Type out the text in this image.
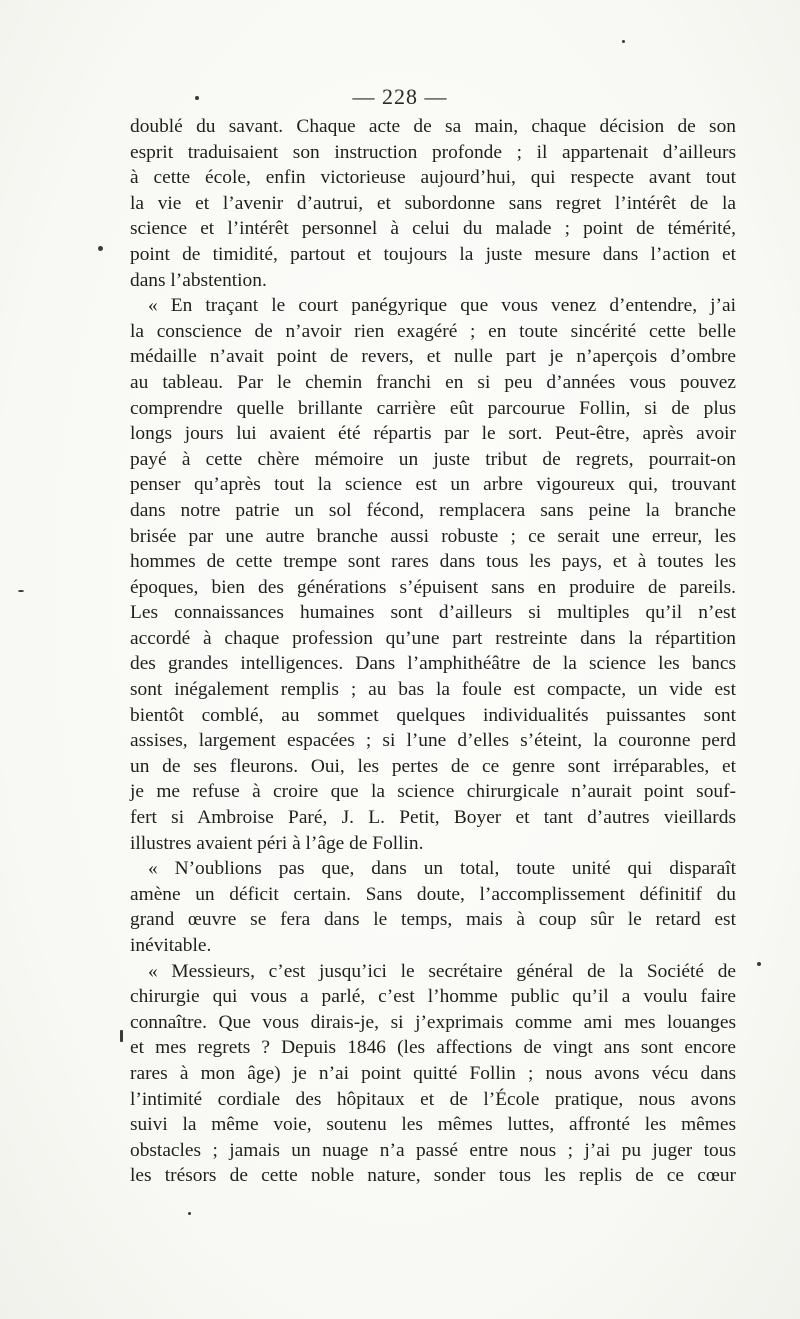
— 228 —
doublé du savant. Chaque acte de sa main, chaque décision de son
esprit traduisaient son instruction profonde ; il appartenait d’ailleurs
à cette école, enfin victorieuse aujourd’hui, qui respecte avant tout
la vie et l’avenir d’autrui, et subordonne sans regret l’intérêt de la
science et l’intérêt personnel à celui du malade ; point de témérité,
point de timidité, partout et toujours la juste mesure dans l’action et
dans l’abstention.
« En traçant le court panégyrique que vous venez d’entendre, j’ai
la conscience de n’avoir rien exagéré ; en toute sincérité cette belle
médaille n’avait point de revers, et nulle part je n’aperçois d’ombre
au tableau. Par le chemin franchi en si peu d’années vous pouvez
comprendre quelle brillante carrière eût parcourue Follin, si de plus
longs jours lui avaient été répartis par le sort. Peut-être, après avoir
payé à cette chère mémoire un juste tribut de regrets, pourrait-on
penser qu’après tout la science est un arbre vigoureux qui, trouvant
dans notre patrie un sol fécond, remplacera sans peine la branche
brisée par une autre branche aussi robuste ; ce serait une erreur, les
hommes de cette trempe sont rares dans tous les pays, et à toutes les
époques, bien des générations s’épuisent sans en produire de pareils.
Les connaissances humaines sont d’ailleurs si multiples qu’il n’est
accordé à chaque profession qu’une part restreinte dans la répartition
des grandes intelligences. Dans l’amphithéâtre de la science les bancs
sont inégalement remplis ; au bas la foule est compacte, un vide est
bientôt comblé, au sommet quelques individualités puissantes sont
assises, largement espacées ; si l’une d’elles s’éteint, la couronne perd
un de ses fleurons. Oui, les pertes de ce genre sont irréparables, et
je me refuse à croire que la science chirurgicale n’aurait point souf-
fert si Ambroise Paré, J. L. Petit, Boyer et tant d’autres vieillards
illustres avaient péri à l’âge de Follin.
« N’oublions pas que, dans un total, toute unité qui disparaît
amène un déficit certain. Sans doute, l’accomplissement définitif du
grand œuvre se fera dans le temps, mais à coup sûr le retard est
inévitable.
« Messieurs, c’est jusqu’ici le secrétaire général de la Société de
chirurgie qui vous a parlé, c’est l’homme public qu’il a voulu faire
connaître. Que vous dirais-je, si j’exprimais comme ami mes louanges
et mes regrets ? Depuis 1846 (les affections de vingt ans sont encore
rares à mon âge) je n’ai point quitté Follin ; nous avons vécu dans
l’intimité cordiale des hôpitaux et de l’École pratique, nous avons
suivi la même voie, soutenu les mêmes luttes, affronté les mêmes
obstacles ; jamais un nuage n’a passé entre nous ; j’ai pu juger tous
les trésors de cette noble nature, sonder tous les replis de ce cœur
